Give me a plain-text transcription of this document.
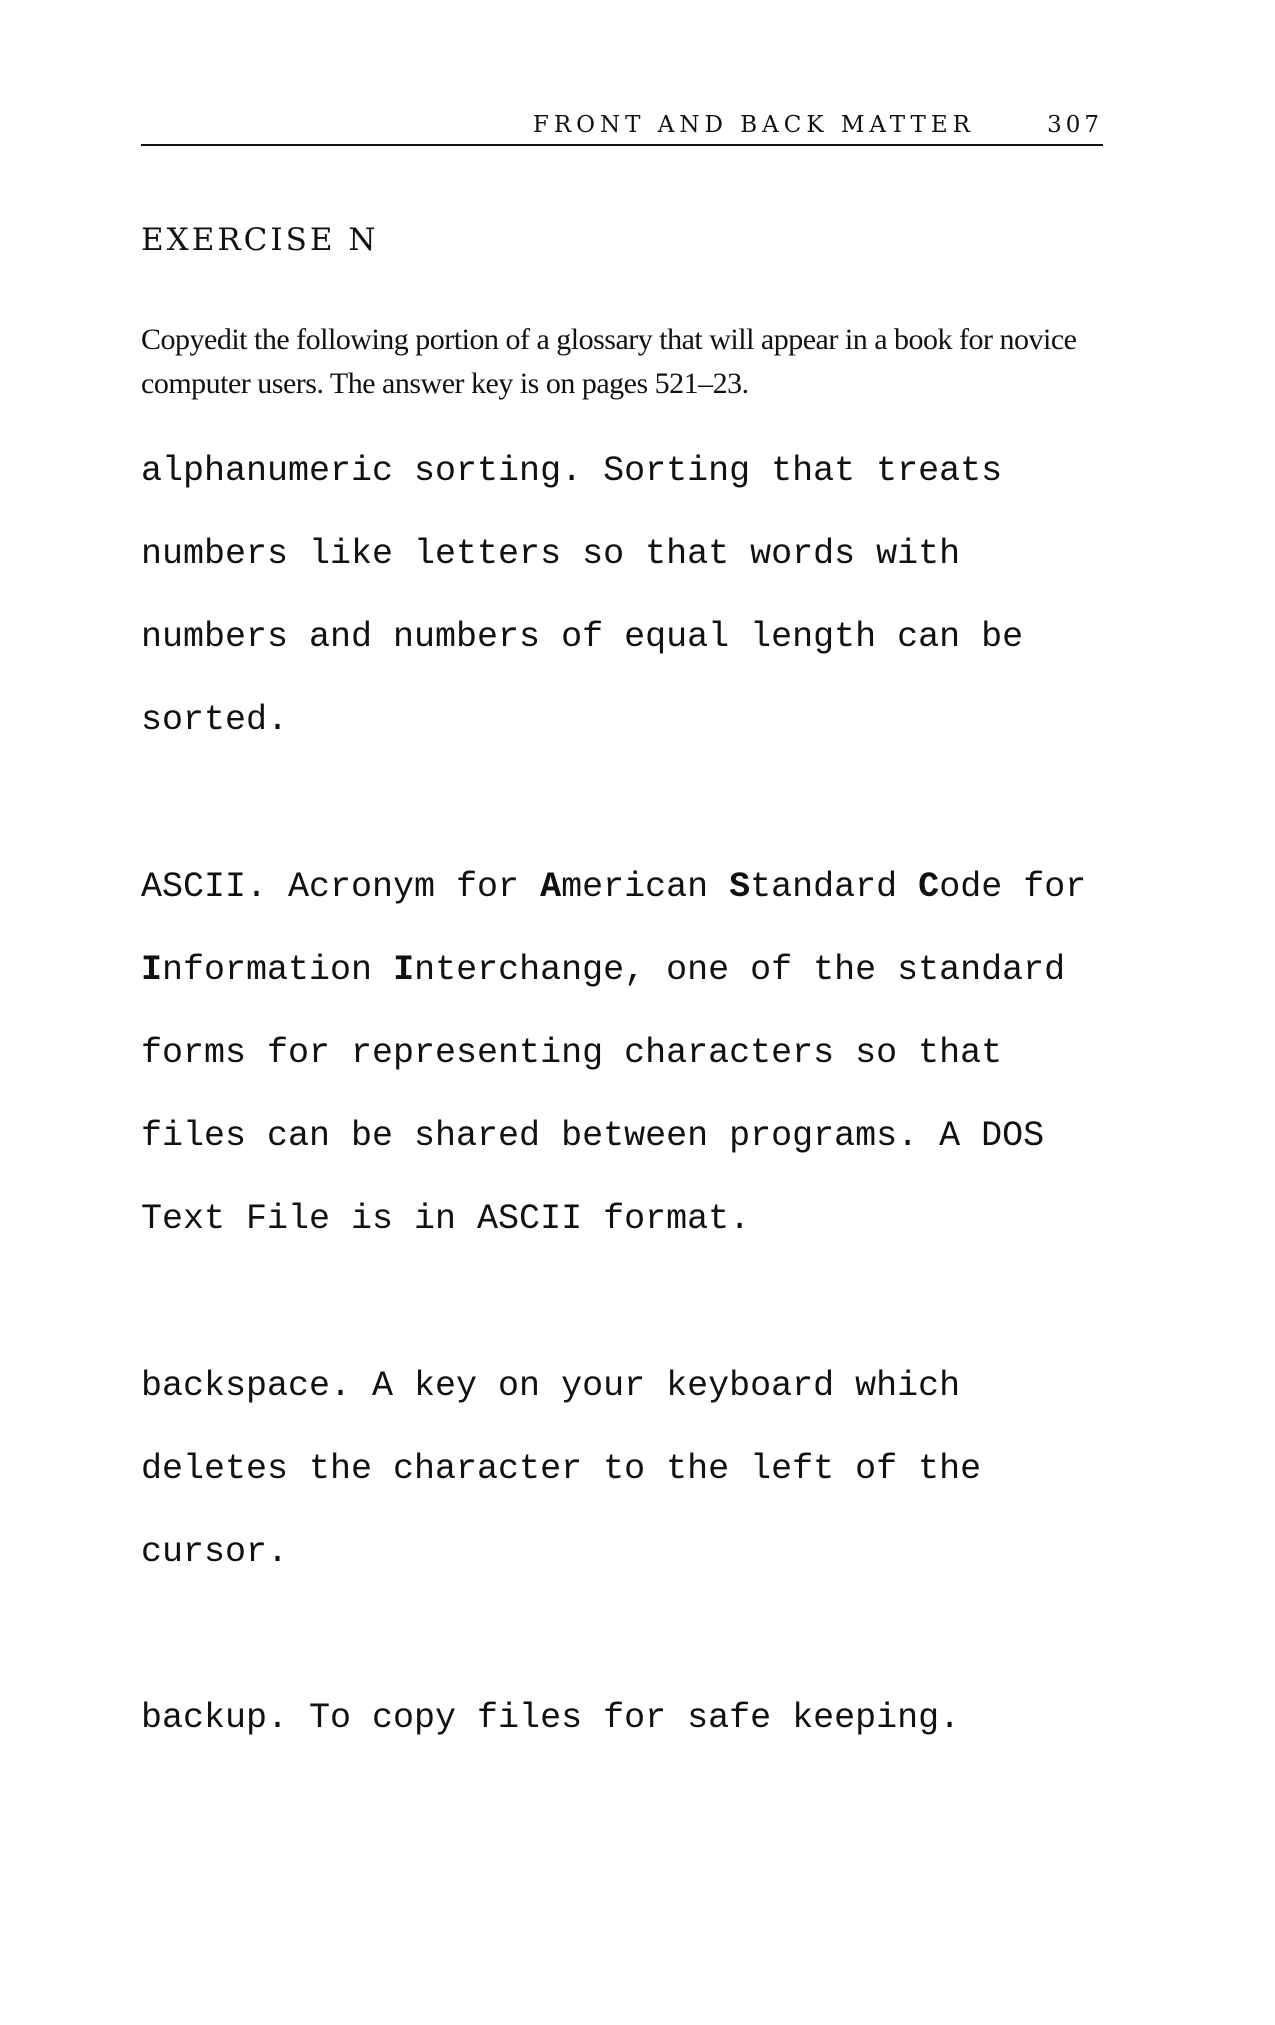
FRONT AND BACK MATTER	307
EXERCISE N

Copyedit the following portion of a glossary that will appear in a book for novice computer users. The answer key is on pages 521–23.

alphanumeric sorting. Sorting that treats
numbers like letters so that words with
numbers and numbers of equal length can be
sorted.
ASCII. Acronym for American Standard Code for
Information Interchange, one of the standard
forms for representing characters so that
files can be shared between programs. A DOS
Text File is in ASCII format.
backspace. A key on your keyboard which
deletes the character to the left of the
cursor.
backup. To copy files for safe keeping.
